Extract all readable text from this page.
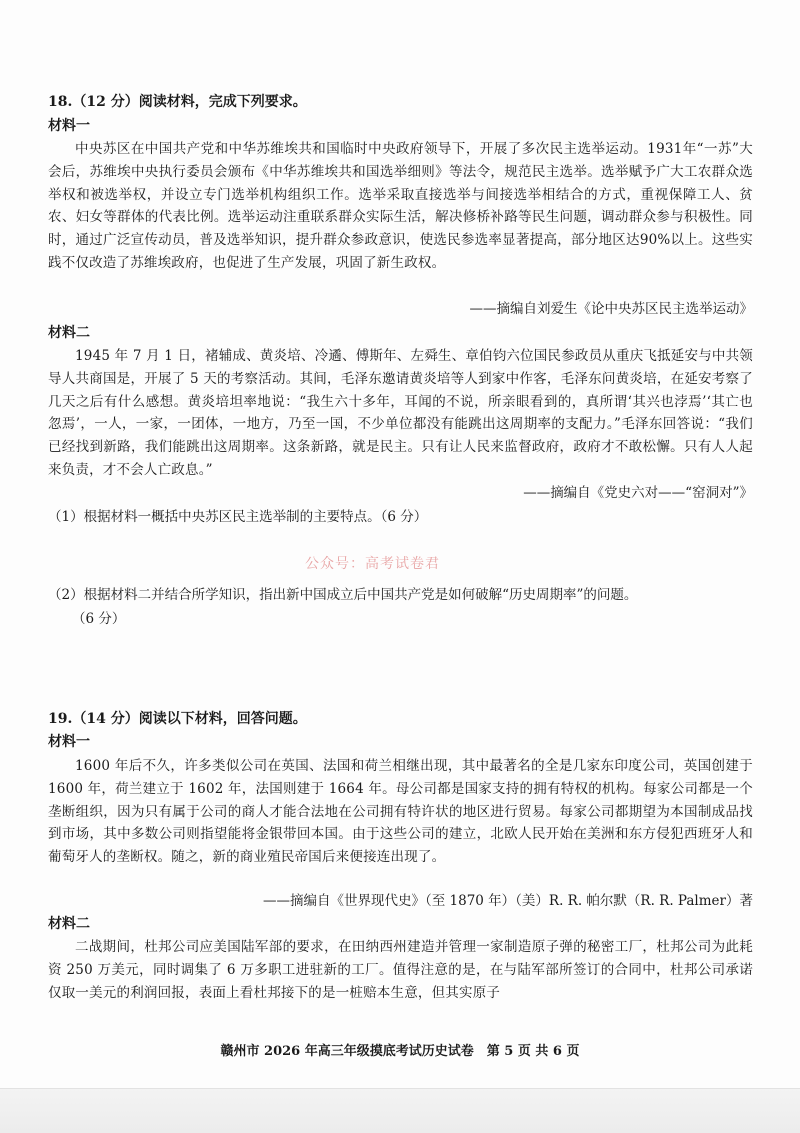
18.（12 分）阅读材料，完成下列要求。
材料一
中央苏区在中国共产党和中华苏维埃共和国临时中央政府领导下，开展了多次民主选举运动。1931年“一苏”大会后，苏维埃中央执行委员会颁布《中华苏维埃共和国选举细则》等法令，规范民主选举。选举赋予广大工农群众选举权和被选举权，并设立专门选举机构组织工作。选举采取直接选举与间接选举相结合的方式，重视保障工人、贫农、妇女等群体的代表比例。选举运动注重联系群众实际生活，解决修桥补路等民生问题，调动群众参与积极性。同时，通过广泛宣传动员，普及选举知识，提升群众参政意识，使选民参选率显著提高，部分地区达90%以上。这些实践不仅改造了苏维埃政府，也促进了生产发展，巩固了新生政权。
——摘编自刘爱生《论中央苏区民主选举运动》
材料二
1945 年 7 月 1 日，褚辅成、黄炎培、冷遹、傅斯年、左舜生、章伯钧六位国民参政员从重庆飞抵延安与中共领导人共商国是，开展了 5 天的考察活动。其间，毛泽东邀请黄炎培等人到家中作客，毛泽东问黄炎培，在延安考察了几天之后有什么感想。黄炎培坦率地说：“我生六十多年，耳闻的不说，所亲眼看到的，真所谓‘其兴也浡焉’‘其亡也忽焉’，一人，一家，一团体，一地方，乃至一国，不少单位都没有能跳出这周期率的支配力。”毛泽东回答说：“我们已经找到新路，我们能跳出这周期率。这条新路，就是民主。只有让人民来监督政府，政府才不敢松懈。只有人人起来负责，才不会人亡政息。”
——摘编自《党史六对——“窑洞对”》
（1）根据材料一概括中央苏区民主选举制的主要特点。（6 分）
公众号：高考试卷君
（2）根据材料二并结合所学知识，指出新中国成立后中国共产党是如何破解“历史周期率”的问题。
（6 分）
19.（14 分）阅读以下材料，回答问题。
材料一
1600 年后不久，许多类似公司在英国、法国和荷兰相继出现，其中最著名的全是几家东印度公司，英国创建于 1600 年，荷兰建立于 1602 年，法国则建于 1664 年。母公司都是国家支持的拥有特权的机构。每家公司都是一个垄断组织，因为只有属于公司的商人才能合法地在公司拥有特许状的地区进行贸易。每家公司都期望为本国制成品找到市场，其中多数公司则指望能将金银带回本国。由于这些公司的建立，北欧人民开始在美洲和东方侵犯西班牙人和葡萄牙人的垄断权。随之，新的商业殖民帝国后来便接连出现了。
——摘编自《世界现代史》（至 1870 年）（美）R. R. 帕尔默（R. R. Palmer）著
材料二
二战期间，杜邦公司应美国陆军部的要求，在田纳西州建造并管理一家制造原子弹的秘密工厂，杜邦公司为此耗资 250 万美元，同时调集了 6 万多职工进驻新的工厂。值得注意的是，在与陆军部所签订的合同中，杜邦公司承诺仅取一美元的利润回报，表面上看杜邦接下的是一桩赔本生意，但其实原子
赣州市 2026 年高三年级摸底考试历史试卷　第 5 页 共 6 页
